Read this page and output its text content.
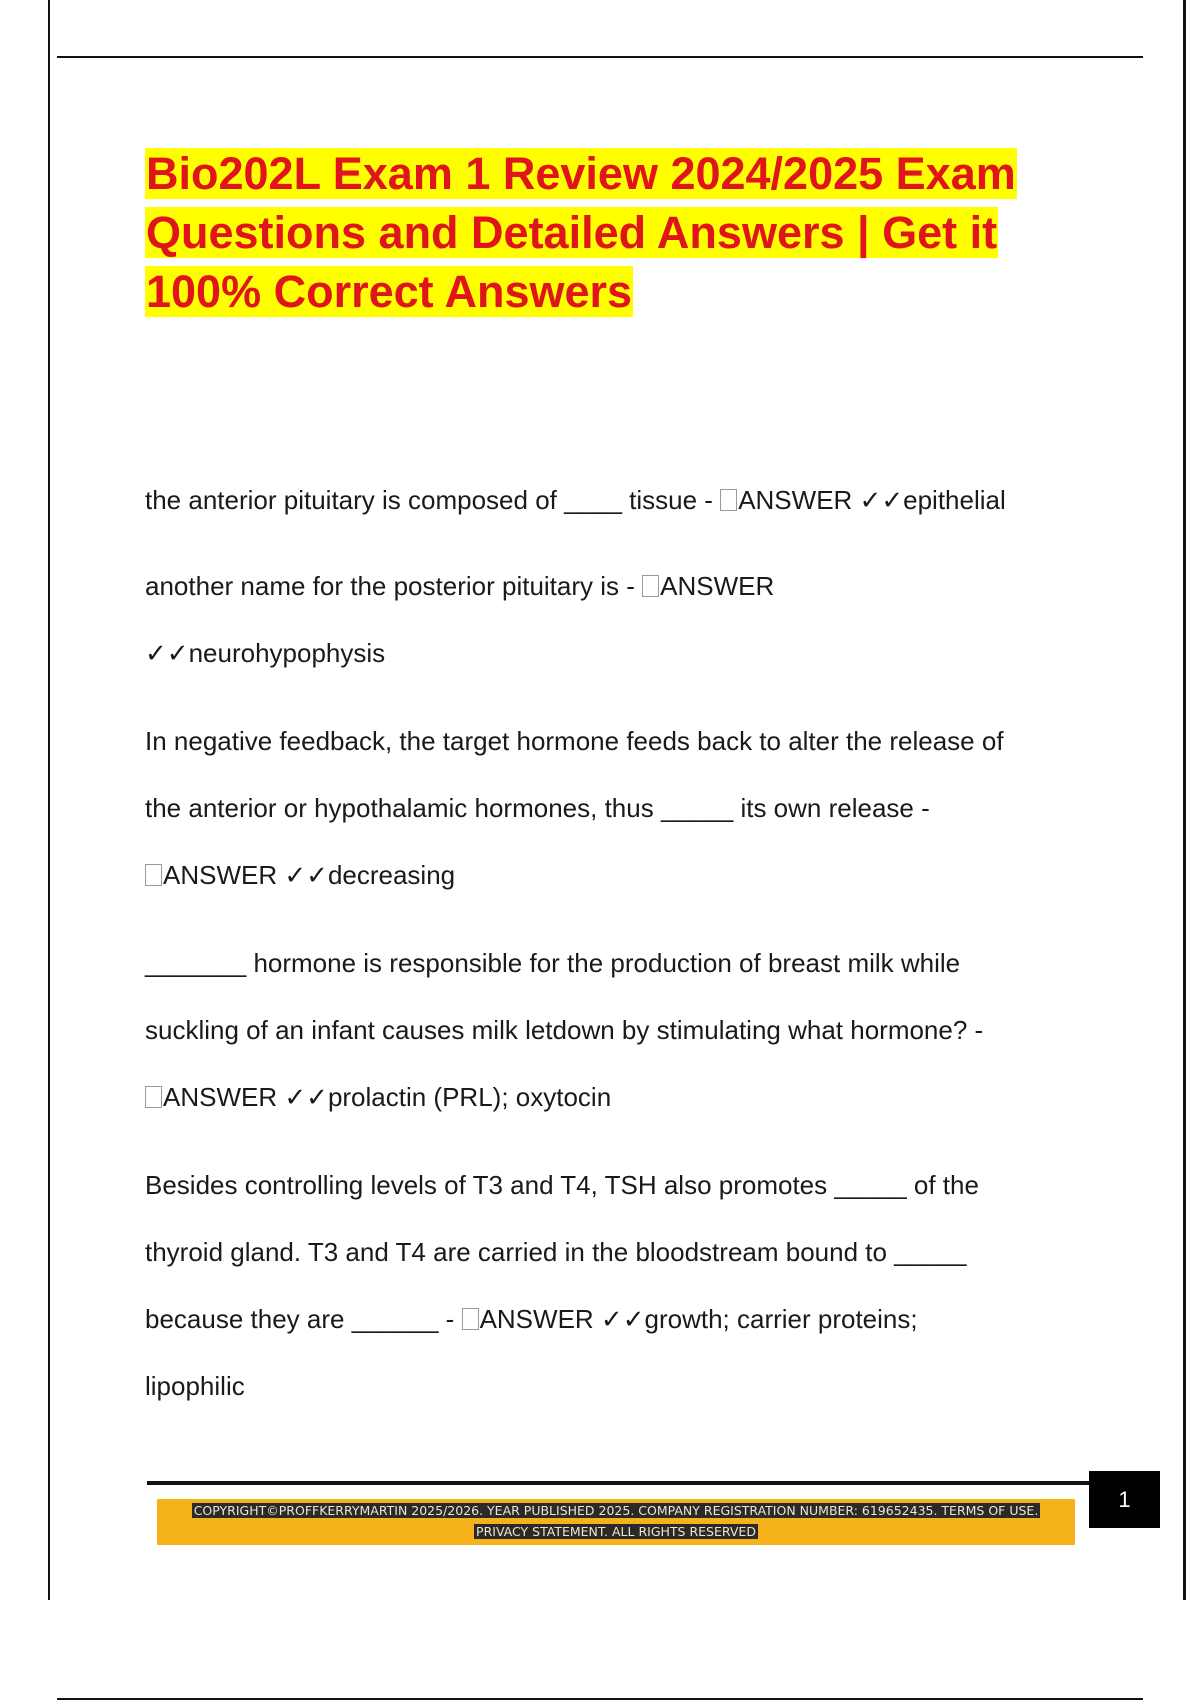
Bio202L Exam 1 Review 2024/2025 Exam Questions and Detailed Answers | Get it 100% Correct Answers

the anterior pituitary is composed of ____ tissue - ANSWER ✓✓epithelial

another name for the posterior pituitary is - ANSWER
✓✓neurohypophysis

In negative feedback, the target hormone feeds back to alter the release of
the anterior or hypothalamic hormones, thus _____ its own release -
ANSWER ✓✓decreasing

_______ hormone is responsible for the production of breast milk while
suckling of an infant causes milk letdown by stimulating what hormone? -
ANSWER ✓✓prolactin (PRL); oxytocin

Besides controlling levels of T3 and T4, TSH also promotes _____ of the
thyroid gland. T3 and T4 are carried in the bloodstream bound to _____
because they are ______ - ANSWER ✓✓growth; carrier proteins;
lipophilic

COPYRIGHT©PROFFKERRYMARTIN 2025/2026. YEAR PUBLISHED 2025. COMPANY REGISTRATION NUMBER: 619652435. TERMS OF USE.
PRIVACY STATEMENT. ALL RIGHTS RESERVED

1
